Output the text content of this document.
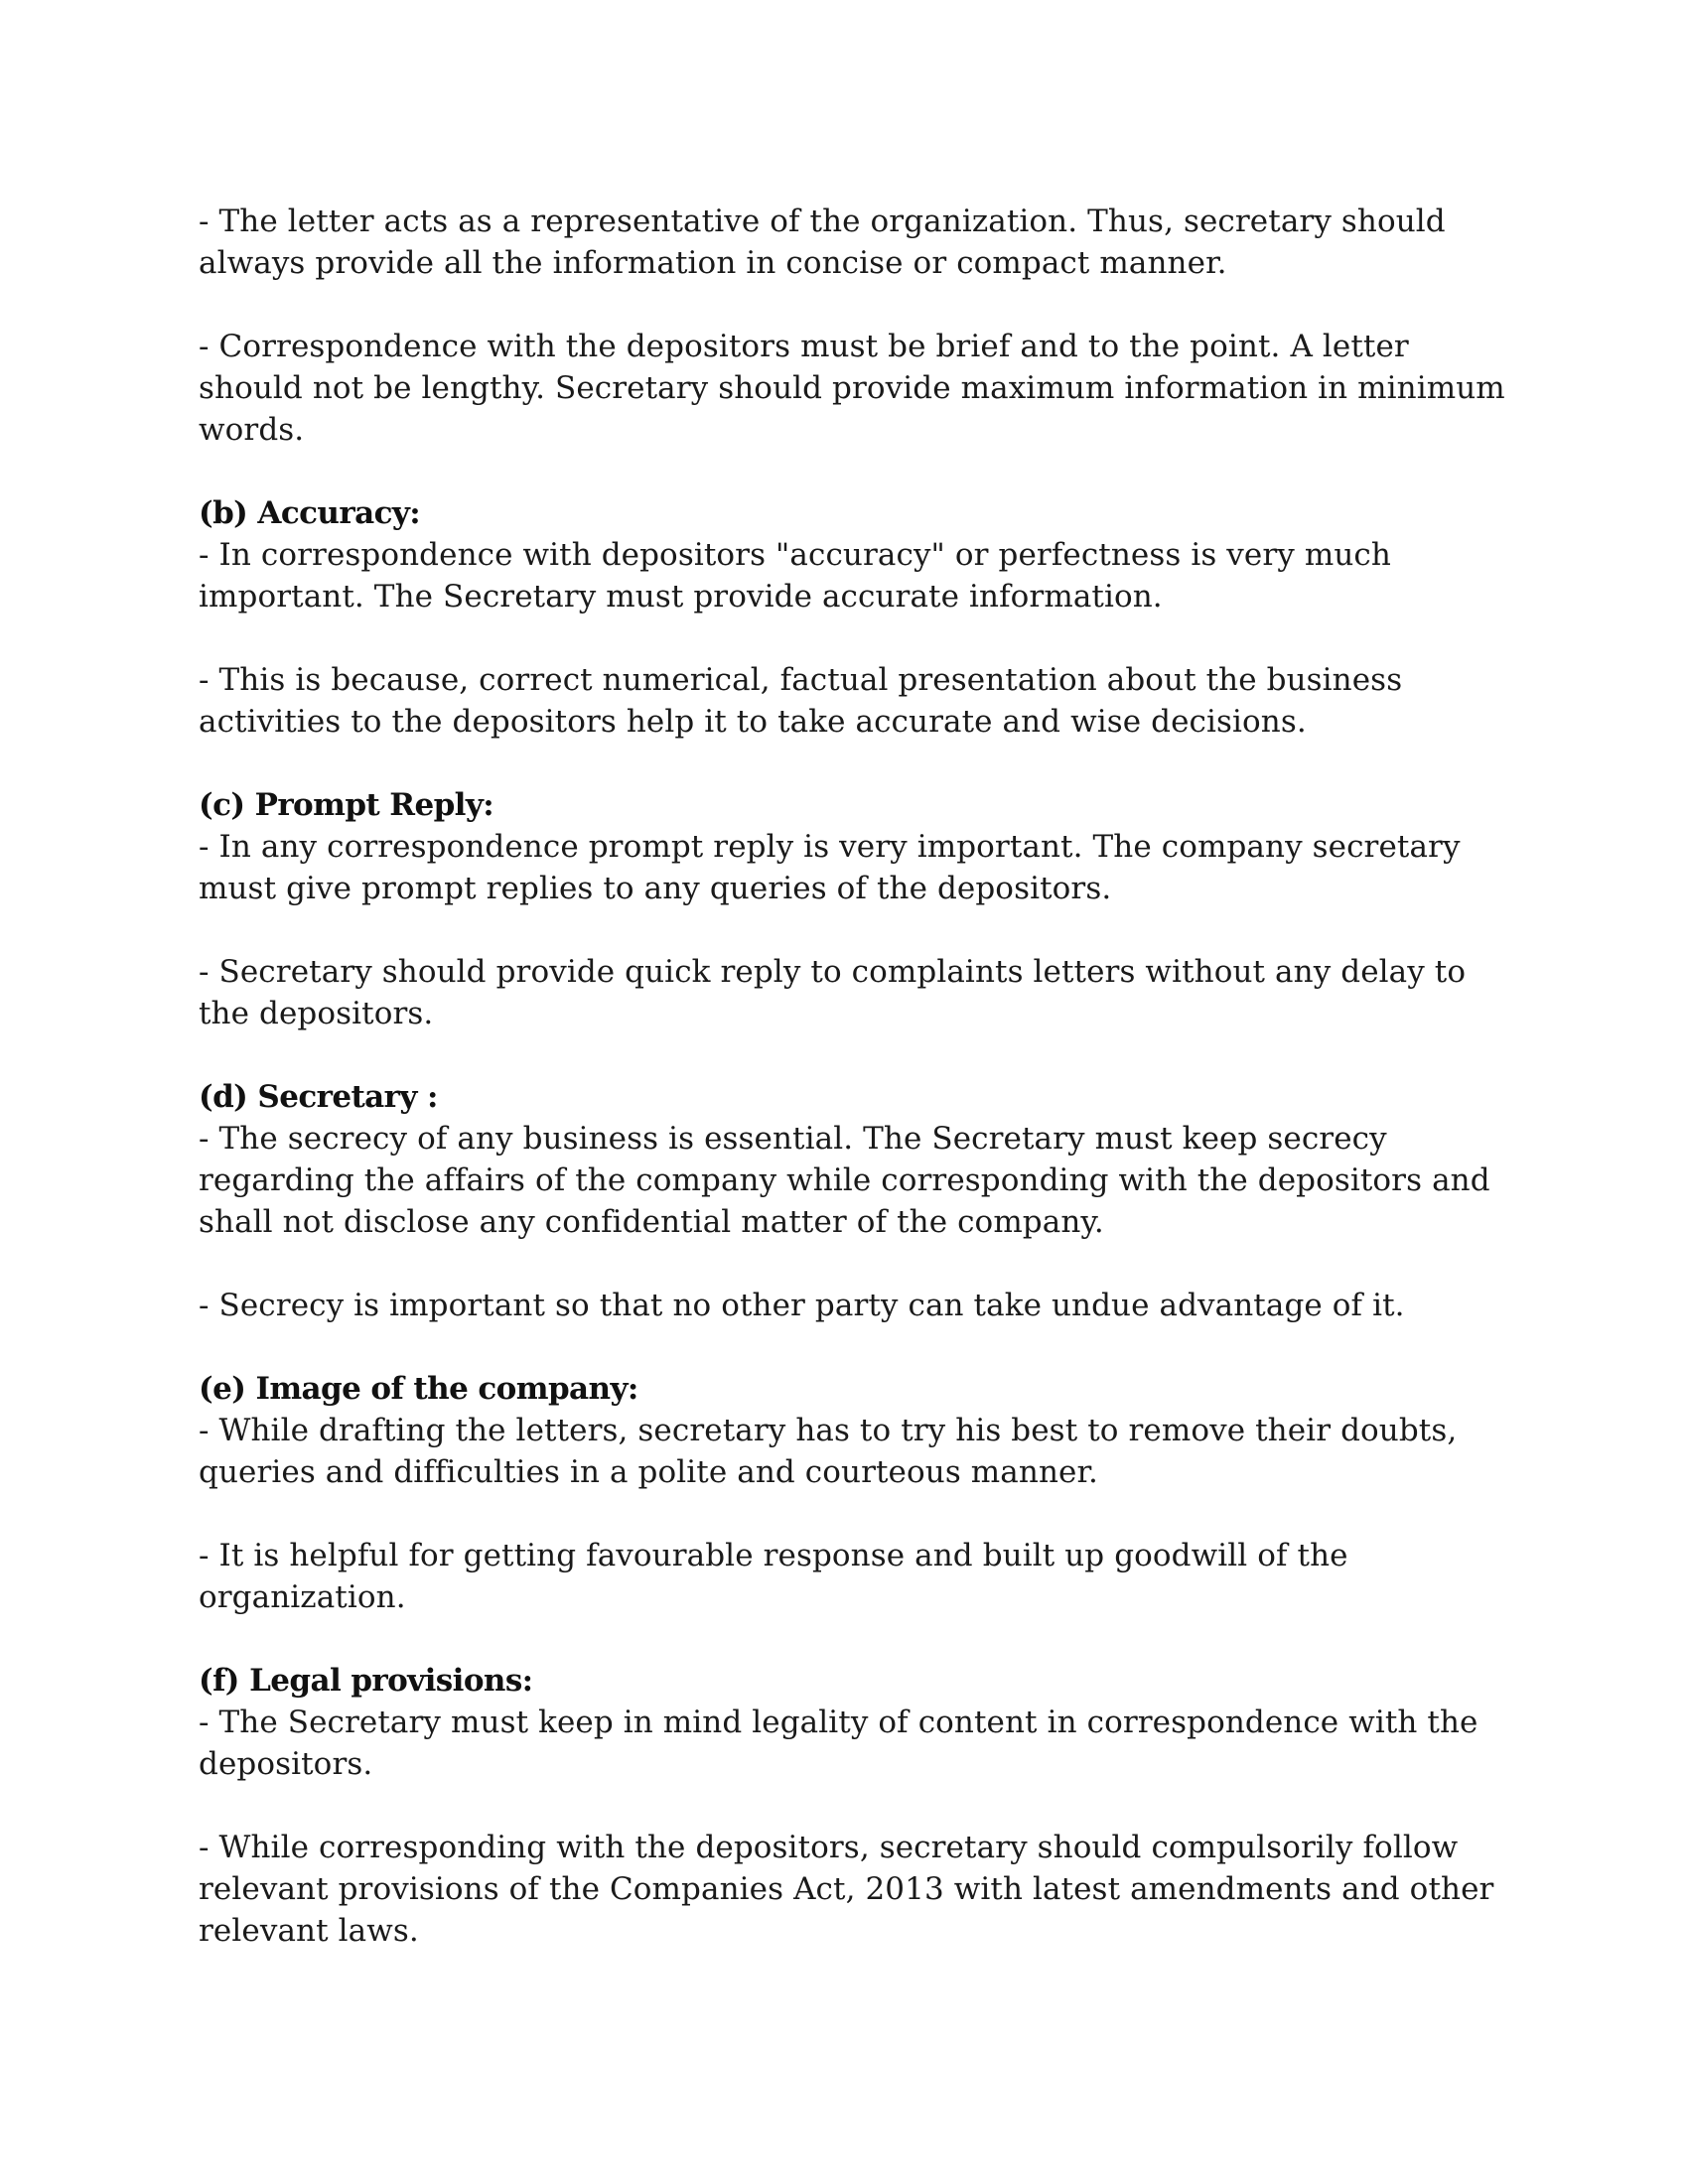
- The letter acts as a representative of the organization. Thus, secretary should always provide all the information in concise or compact manner.

- Correspondence with the depositors must be brief and to the point. A letter should not be lengthy. Secretary should provide maximum information in minimum words.

(b) Accuracy:

- In correspondence with depositors "accuracy" or perfectness is very much important. The Secretary must provide accurate information.

- This is because, correct numerical, factual presentation about the business activities to the depositors help it to take accurate and wise decisions.

(c) Prompt Reply:

- In any correspondence prompt reply is very important. The company secretary must give prompt replies to any queries of the depositors.

- Secretary should provide quick reply to complaints letters without any delay to the depositors.

(d) Secretary :

- The secrecy of any business is essential. The Secretary must keep secrecy regarding the affairs of the company while corresponding with the depositors and shall not disclose any confidential matter of the company.

- Secrecy is important so that no other party can take undue advantage of it.

(e) Image of the company:

- While drafting the letters, secretary has to try his best to remove their doubts, queries and difficulties in a polite and courteous manner.

- It is helpful for getting favourable response and built up goodwill of the organization.

(f) Legal provisions:

- The Secretary must keep in mind legality of content in correspondence with the depositors.

- While corresponding with the depositors, secretary should compulsorily follow relevant provisions of the Companies Act, 2013 with latest amendments and other relevant laws.
